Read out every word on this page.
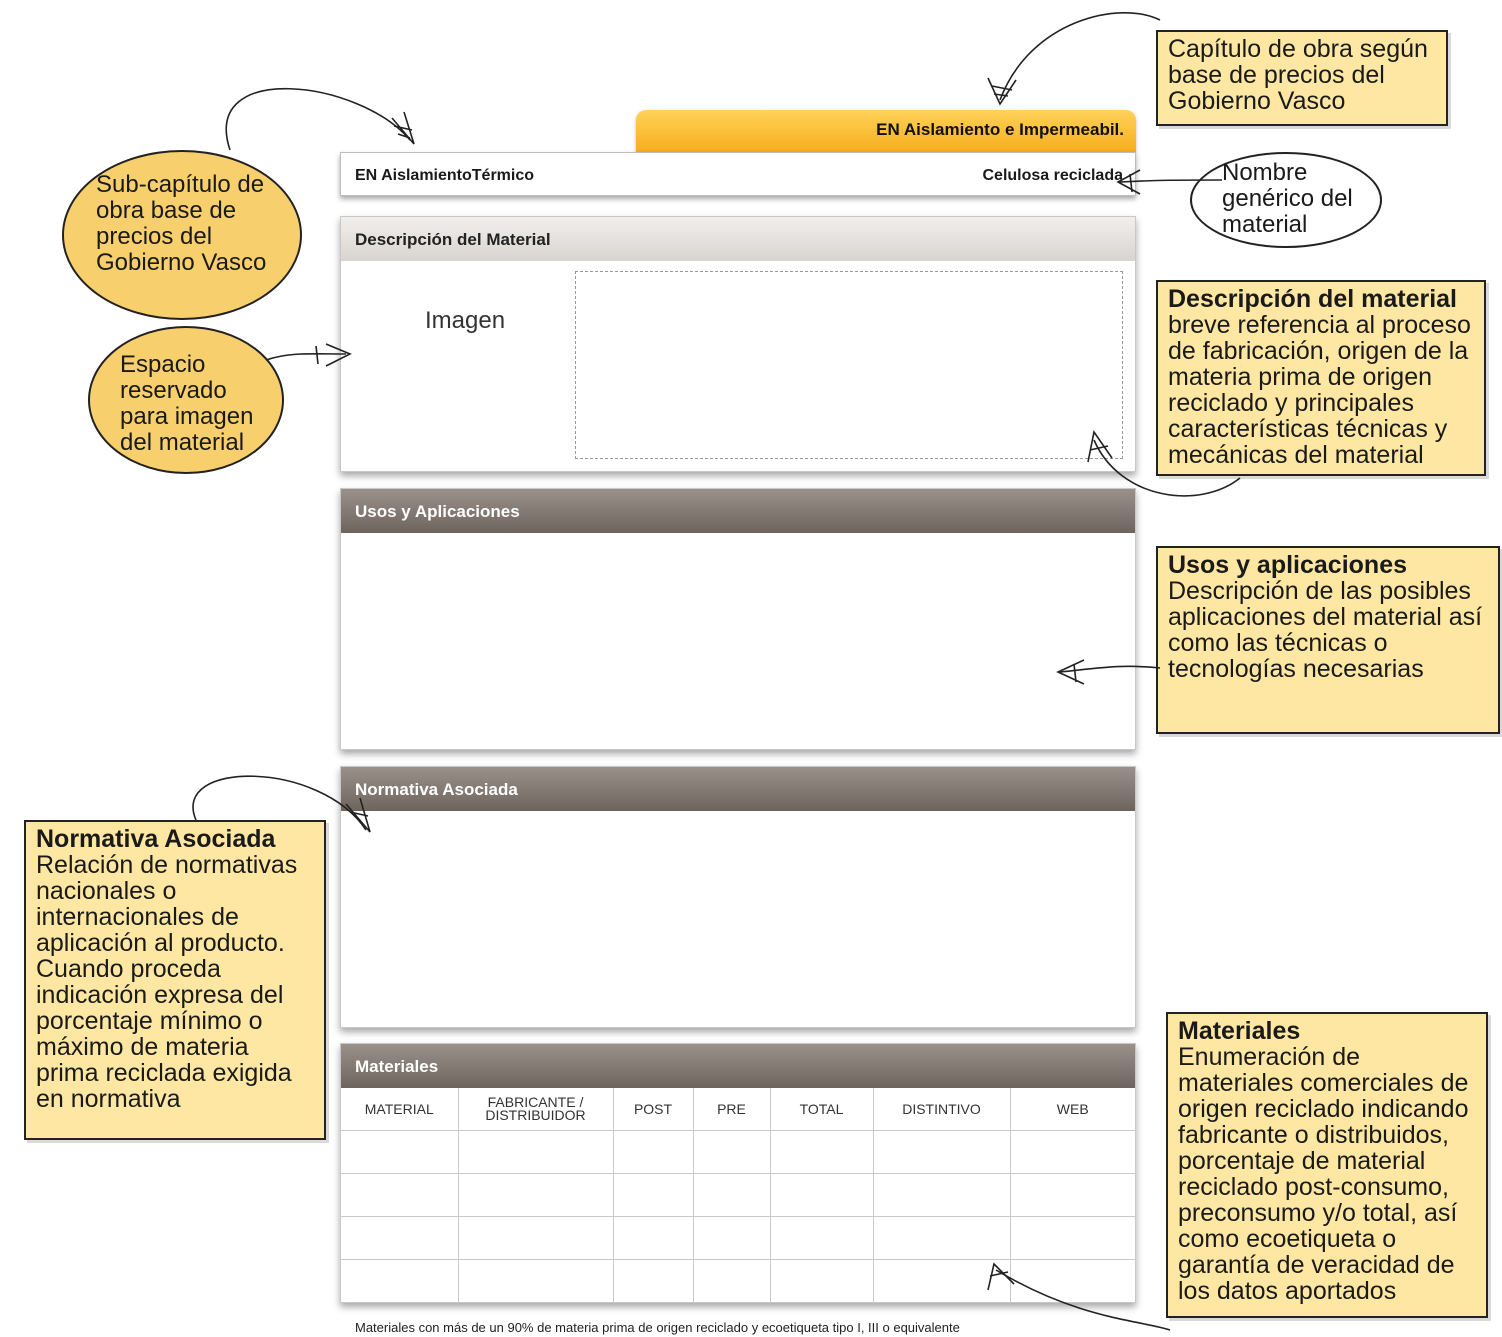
EN Aislamiento e Impermeabil.
EN AislamientoTérmico	Celulosa reciclada
Descripción del Material
Imagen
Usos y Aplicaciones
Normativa Asociada
Materiales
MATERIAL	FABRICANTE / DISTRIBUIDOR	POST	PRE	TOTAL	DISTINTIVO	WEB

Materiales con más de un 90% de materia prima de origen reciclado y ecoetiqueta tipo I, III o equivalente
Capítulo de obra según base de precios del Gobierno Vasco
Sub-capítulo de obra base de precios del Gobierno Vasco
Nombre genérico del material
Espacio reservado para imagen del material
Descripción del material
breve referencia al proceso de fabricación, origen de la materia prima de origen reciclado y principales características técnicas y mecánicas del material
Usos y aplicaciones
Descripción de las posibles aplicaciones del material así como las técnicas o tecnologías necesarias
Normativa Asociada
Relación de normativas nacionales o internacionales de aplicación al producto. Cuando proceda indicación expresa del porcentaje mínimo o máximo de materia prima reciclada exigida en normativa
Materiales
Enumeración de materiales comerciales de origen reciclado indicando fabricante o distribuidos, porcentaje de material reciclado post-consumo, preconsumo y/o total, así como ecoetiqueta o garantía de veracidad de los datos aportados
